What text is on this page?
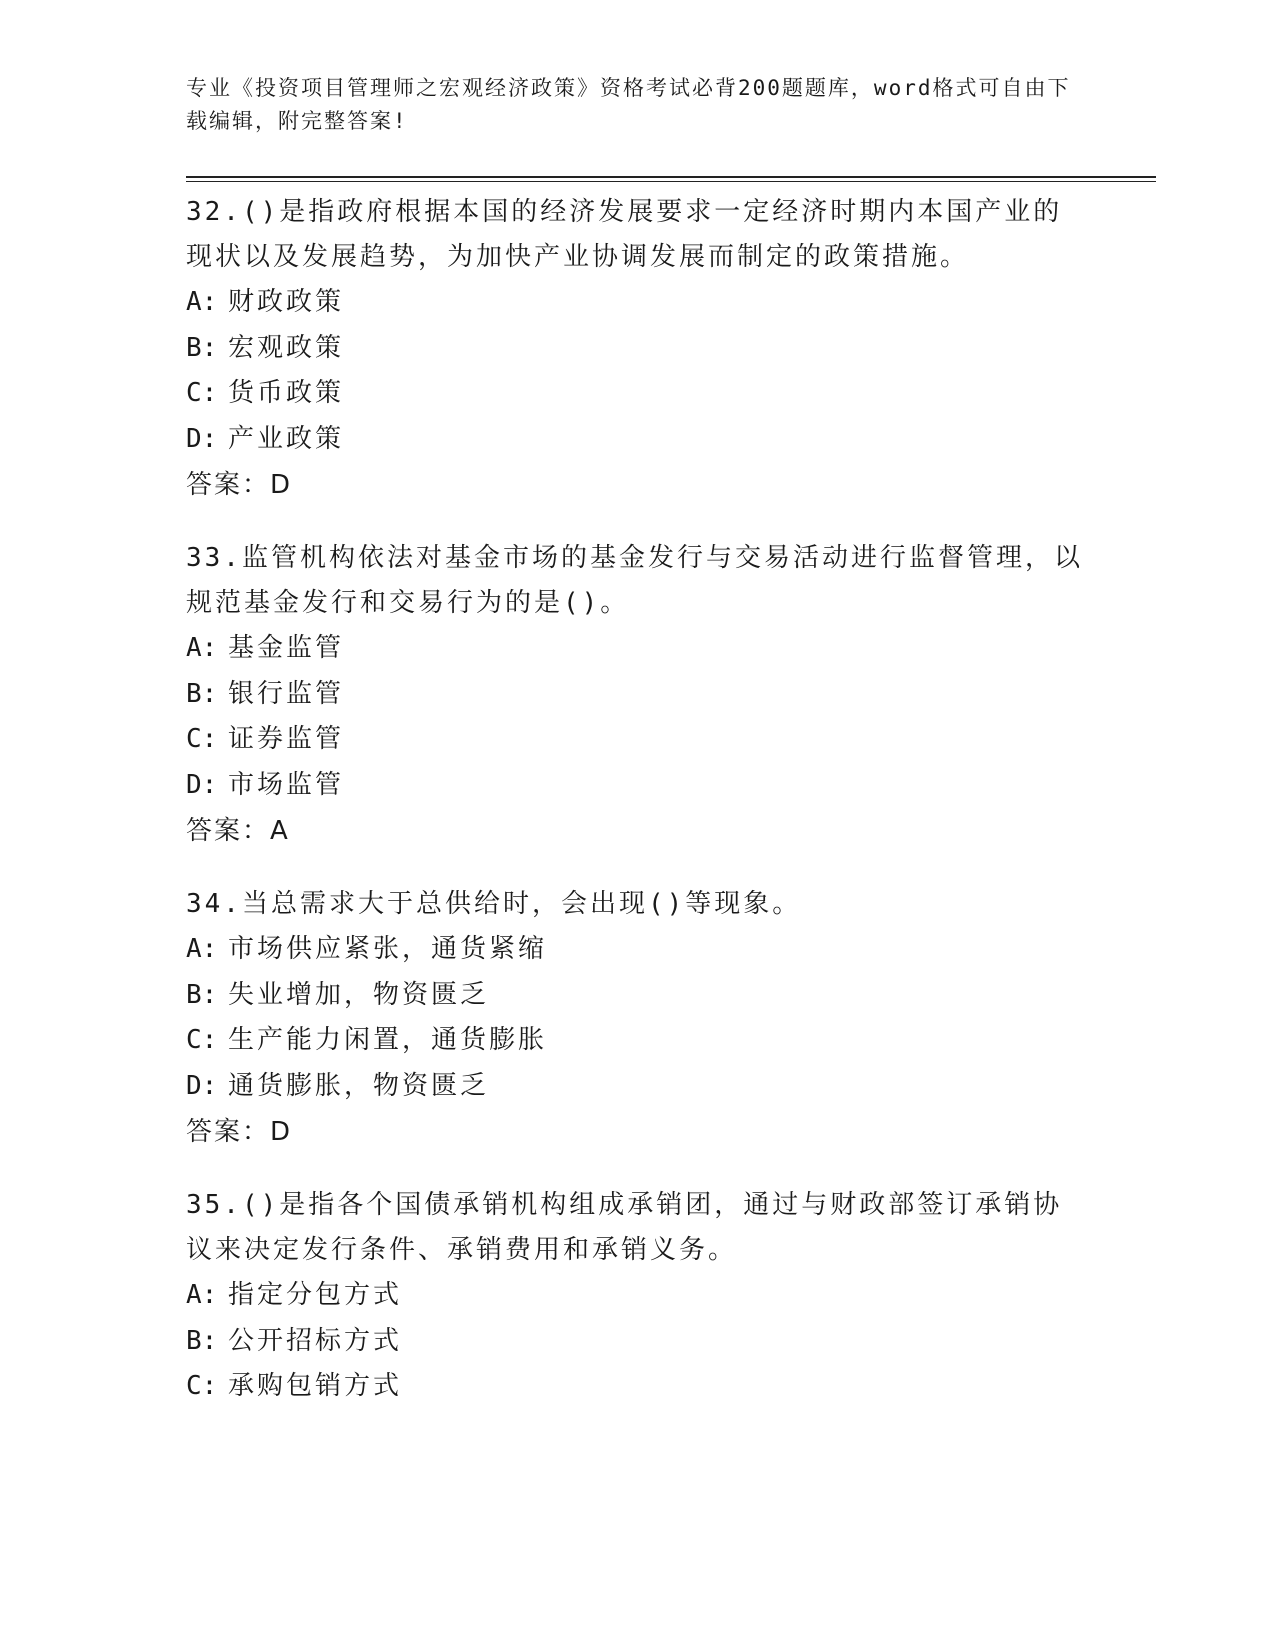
专业《投资项目管理师之宏观经济政策》资格考试必背200题题库，word格式可自由下载编辑，附完整答案!

32.()是指政府根据本国的经济发展要求一定经济时期内本国产业的现状以及发展趋势，为加快产业协调发展而制定的政策措施。

A: 财政政策

B: 宏观政策

C: 货币政策

D: 产业政策

答案：D

33.监管机构依法对基金市场的基金发行与交易活动进行监督管理，以规范基金发行和交易行为的是()。

A: 基金监管

B: 银行监管

C: 证券监管

D: 市场监管

答案：A

34.当总需求大于总供给时，会出现()等现象。

A: 市场供应紧张，通货紧缩

B: 失业增加，物资匮乏

C: 生产能力闲置，通货膨胀

D: 通货膨胀，物资匮乏

答案：D

35.()是指各个国债承销机构组成承销团，通过与财政部签订承销协议来决定发行条件、承销费用和承销义务。

A: 指定分包方式

B: 公开招标方式

C: 承购包销方式
